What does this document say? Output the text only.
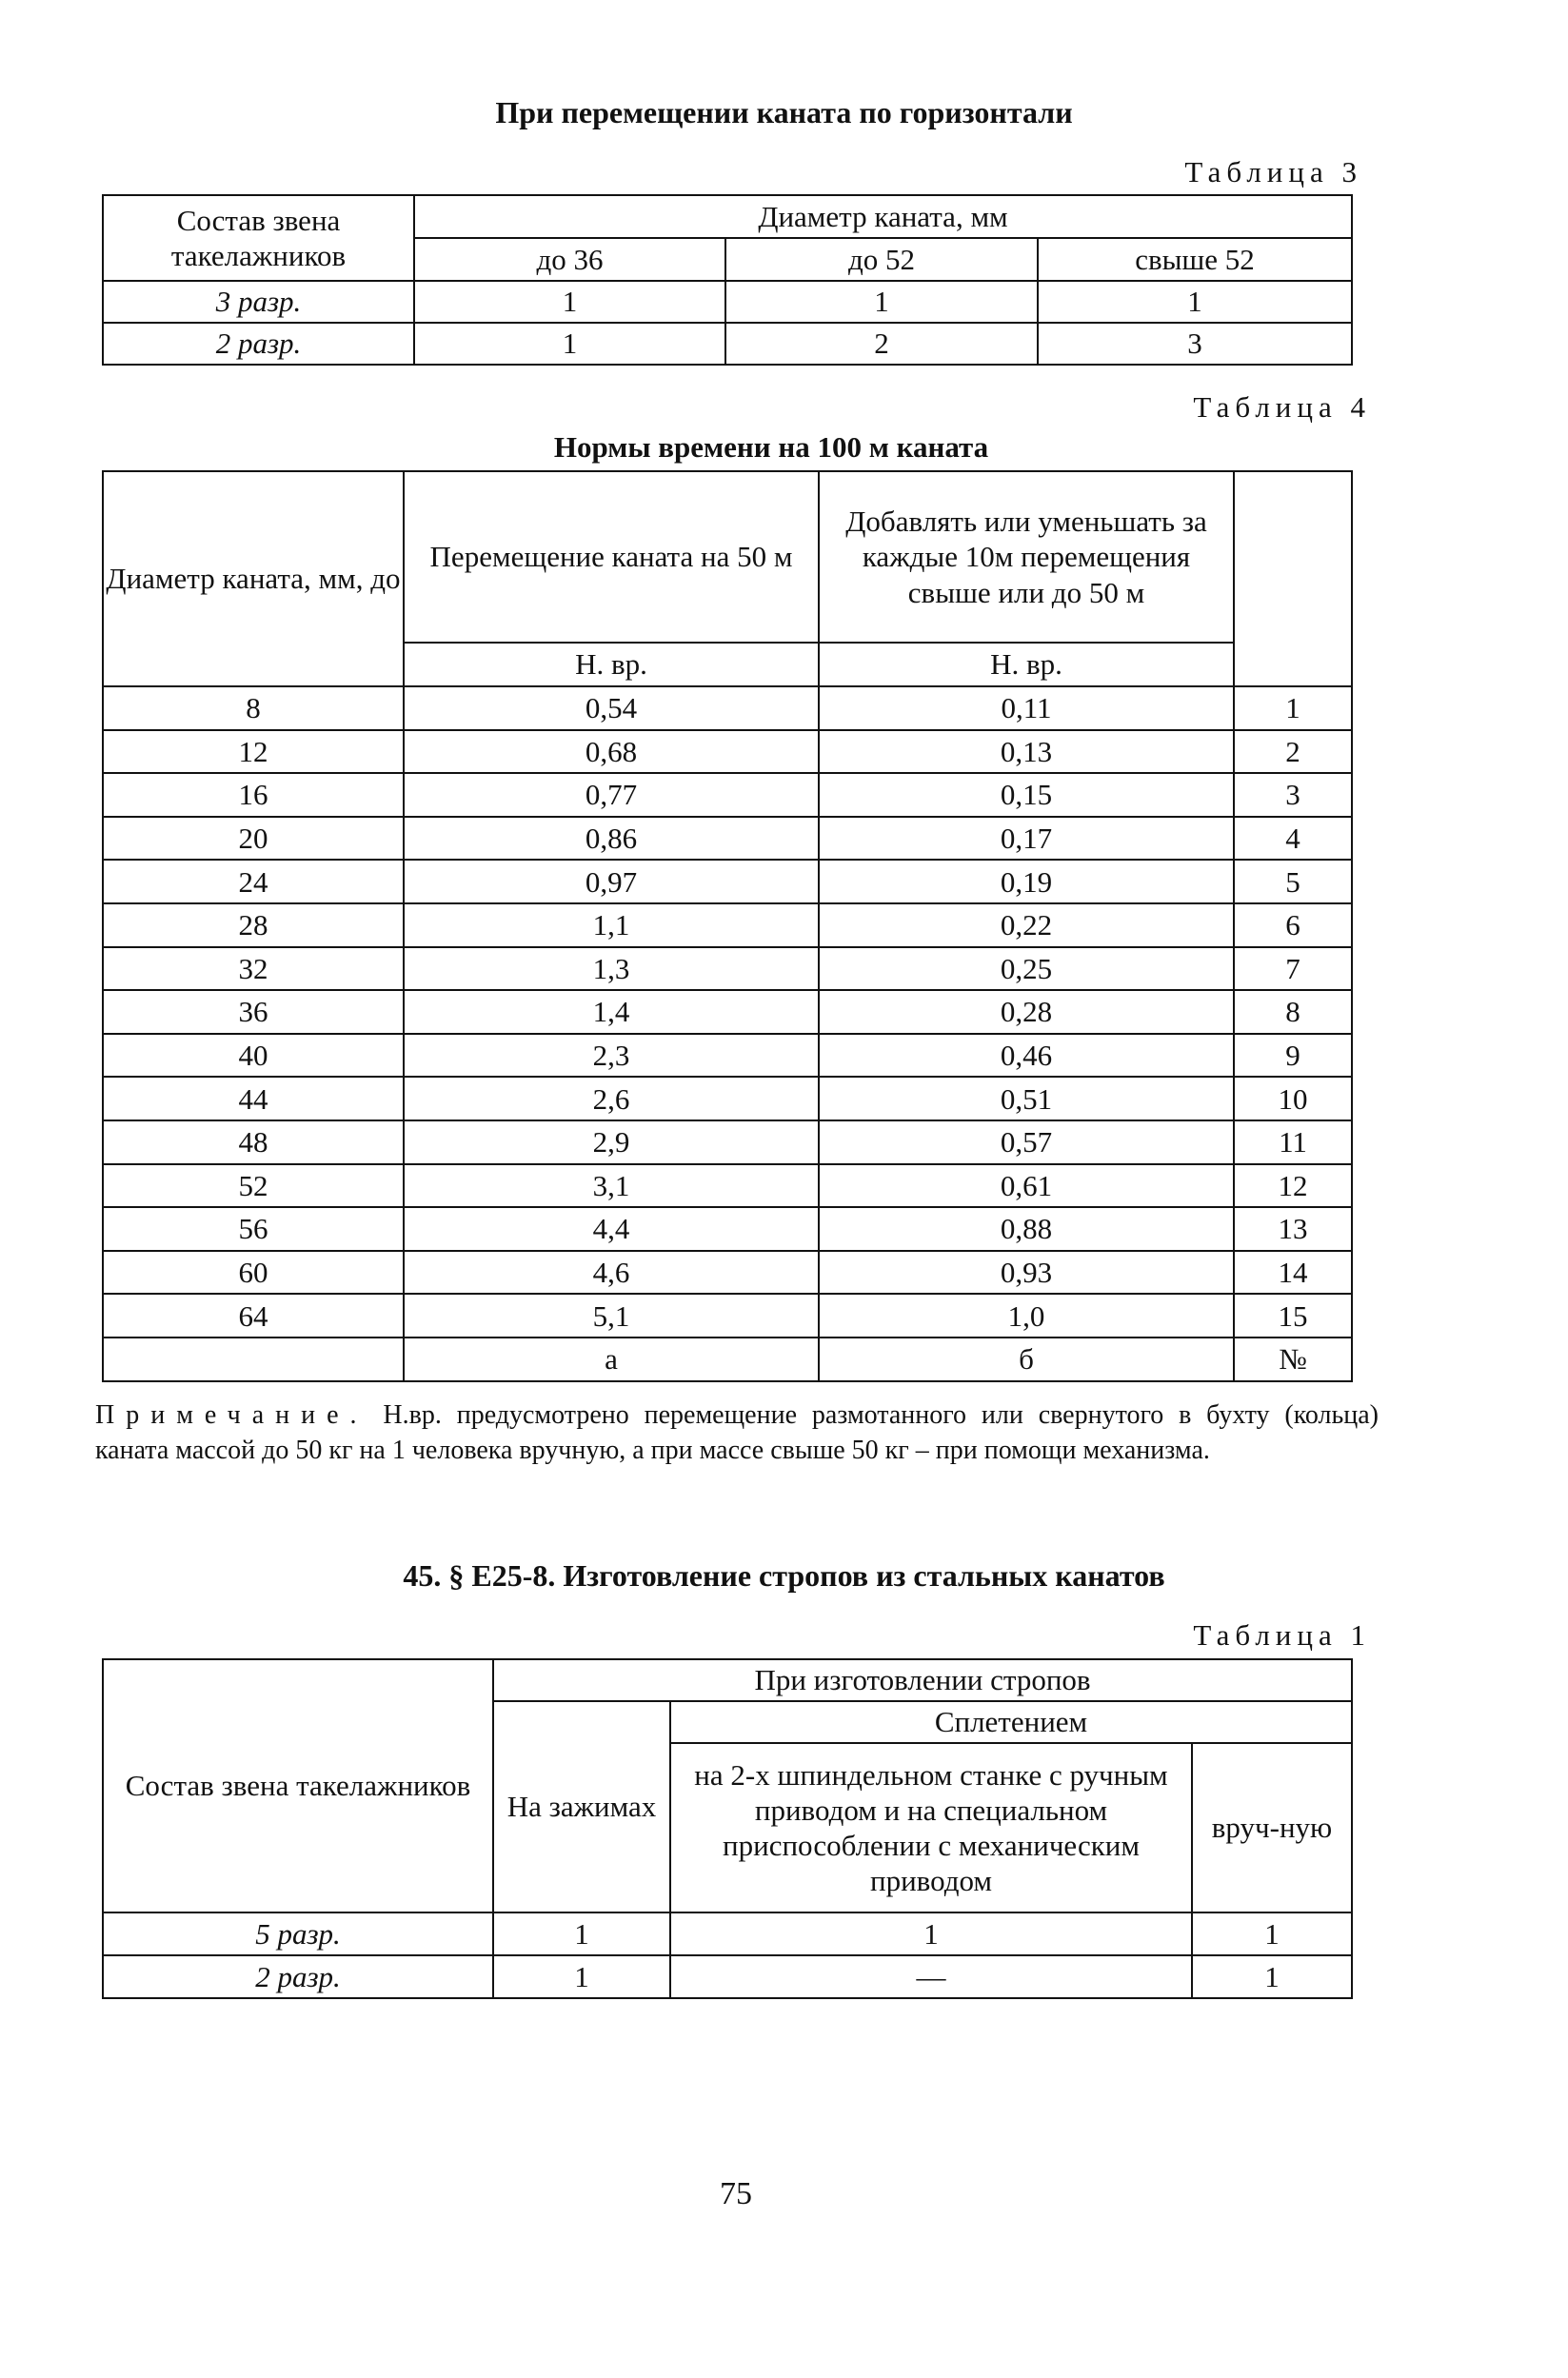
При перемещении каната по горизонтали
Таблица 3
Состав звена такелажников	Диаметр каната, мм		
	до 36	до 52	свыше 52
3 разр.	1	1	1
2 разр.	1	2	3
Таблица 4
Нормы времени на 100 м каната
Диаметр каната, мм, до	Перемещение каната на 50 м	Добавлять или уменьшать за каждые 10м перемещения свыше или до 50 м	
	Н. вр.	Н. вр.	
8	0,54	0,11	1
12	0,68	0,13	2
16	0,77	0,15	3
20	0,86	0,17	4
24	0,97	0,19	5
28	1,1	0,22	6
32	1,3	0,25	7
36	1,4	0,28	8
40	2,3	0,46	9
44	2,6	0,51	10
48	2,9	0,57	11
52	3,1	0,61	12
56	4,4	0,88	13
60	4,6	0,93	14
64	5,1	1,0	15
	а	б	№
Примечание. Н.вр. предусмотрено перемещение размотанного или свернутого в бухту (кольца) каната массой до 50 кг на 1 человека вручную, а при массе свыше 50 кг – при помощи механизма.
45. § Е25-8. Изготовление стропов из стальных канатов
Таблица 1
Состав звена такелажников	При изготовлении стропов		
	На зажимах	Сплетением	
		на 2-х шпиндельном станке с ручным приводом и на специальном приспособлении с механическим приводом	вруч-ную
5 разр.	1	1	1
2 разр.	1	—	1
75
